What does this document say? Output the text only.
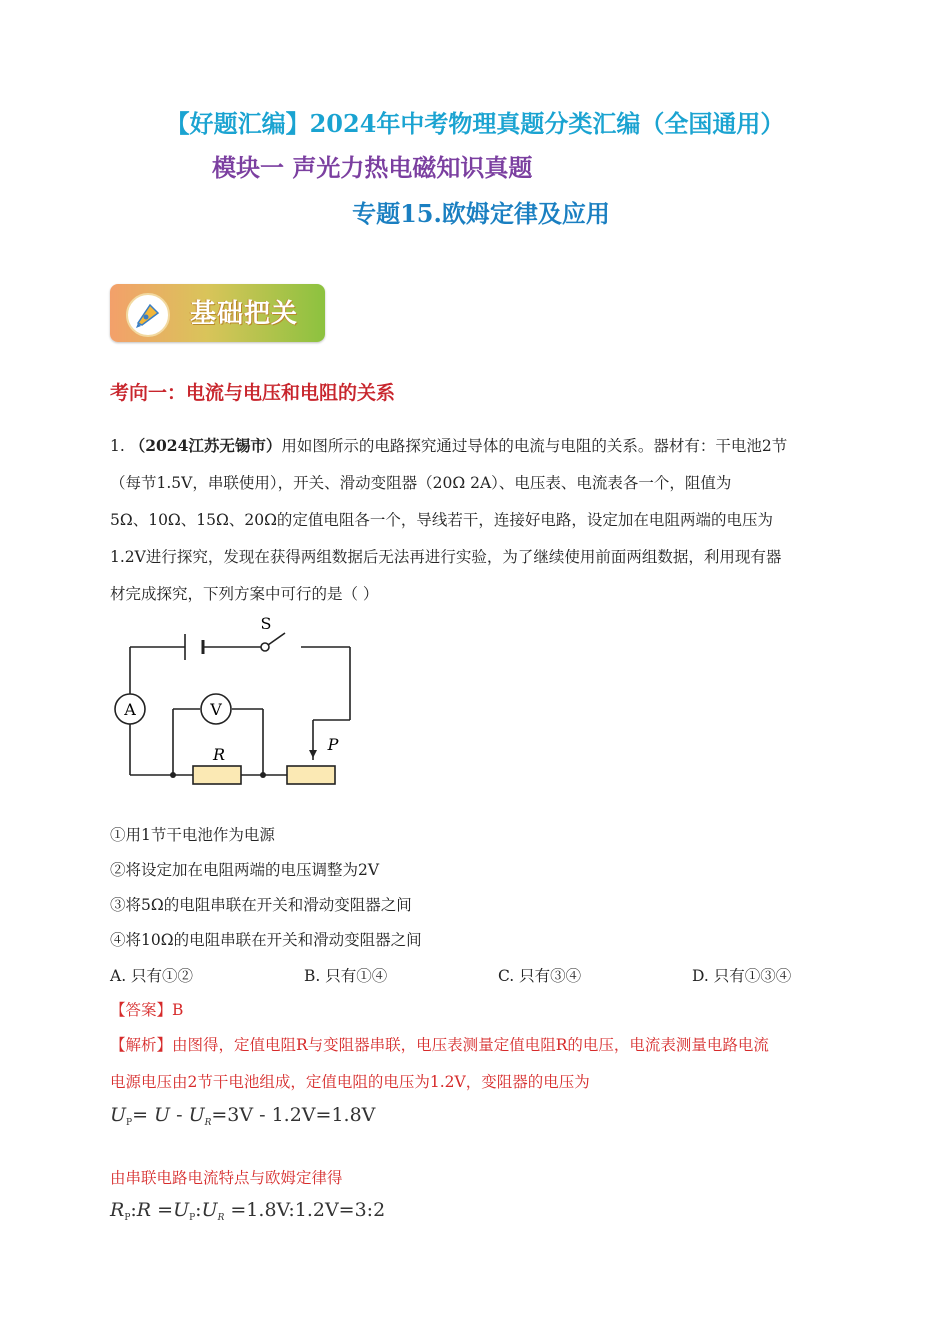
【好题汇编】2024年中考物理真题分类汇编（全国通用）
模块一 声光力热电磁知识真题
专题15.欧姆定律及应用
基础把关
考向一：电流与电压和电阻的关系
1. （2024江苏无锡市）用如图所示的电路探究通过导体的电流与电阻的关系。器材有：干电池2节
（每节1.5V，串联使用），开关、滑动变阻器（20Ω 2A）、电压表、电流表各一个，阻值为
5Ω、10Ω、15Ω、20Ω的定值电阻各一个，导线若干，连接好电路，设定加在电阻两端的电压为
1.2V进行探究，发现在获得两组数据后无法再进行实验，为了继续使用前面两组数据，利用现有器
材完成探究，下列方案中可行的是（ ）
S
A	V
R
P
①用1节干电池作为电源
②将设定加在电阻两端的电压调整为2V
③将5Ω的电阻串联在开关和滑动变阻器之间
④将10Ω的电阻串联在开关和滑动变阻器之间
A. 只有①②	B. 只有①④	C. 只有③④	D. 只有①③④
【答案】B
【解析】由图得，定值电阻R与变阻器串联，电压表测量定值电阻R的电压，电流表测量电路电流
电源电压由2节干电池组成，定值电阻的电压为1.2V，变阻器的电压为
$U_P= U - U_R=3V - 1.2V=1.8V$
由串联电路电流特点与欧姆定律得
$R_P:R$ $=U_P:U_R$ =1.8V:1.2V=3:2
